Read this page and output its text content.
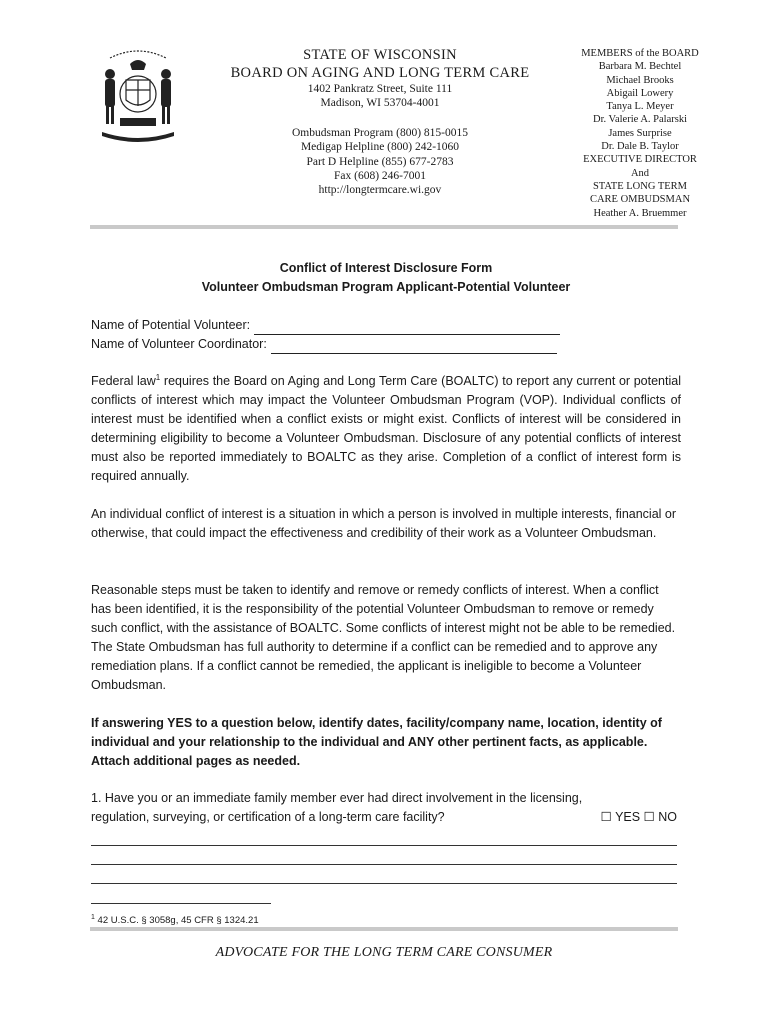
STATE OF WISCONSIN
BOARD ON AGING AND LONG TERM CARE
1402 Pankratz Street, Suite 111
Madison, WI 53704-4001
Ombudsman Program (800) 815-0015
Medigap Helpline (800) 242-1060
Part D Helpline (855) 677-2783
Fax (608) 246-7001
http://longtermcare.wi.gov
MEMBERS of the BOARD
Barbara M. Bechtel
Michael Brooks
Abigail Lowery
Tanya L. Meyer
Dr. Valerie A. Palarski
James Surprise
Dr. Dale B. Taylor
EXECUTIVE DIRECTOR
And
STATE LONG TERM
CARE OMBUDSMAN
Heather A. Bruemmer
Conflict of Interest Disclosure Form
Volunteer Ombudsman Program Applicant-Potential Volunteer
Name of Potential Volunteer:
Name of Volunteer Coordinator:
Federal law$^1$ requires the Board on Aging and Long Term Care (BOALTC) to report any current or potential conflicts of interest which may impact the Volunteer Ombudsman Program (VOP). Individual conflicts of interest must be identified when a conflict exists or might exist. Conflicts of interest will be considered in determining eligibility to become a Volunteer Ombudsman. Disclosure of any potential conflicts of interest must also be reported immediately to BOALTC as they arise. Completion of a conflict of interest form is required annually.
An individual conflict of interest is a situation in which a person is involved in multiple interests, financial or otherwise, that could impact the effectiveness and credibility of their work as a Volunteer Ombudsman.
Reasonable steps must be taken to identify and remove or remedy conflicts of interest. When a conflict has been identified, it is the responsibility of the potential Volunteer Ombudsman to remove or remedy such conflict, with the assistance of BOALTC. Some conflicts of interest might not be able to be remedied. The State Ombudsman has full authority to determine if a conflict can be remedied and to approve any remediation plans. If a conflict cannot be remedied, the applicant is ineligible to become a Volunteer Ombudsman.
If answering YES to a question below, identify dates, facility/company name, location, identity of individual and your relationship to the individual and ANY other pertinent facts, as applicable. Attach additional pages as needed.
1. Have you or an immediate family member ever had direct involvement in the licensing,
regulation, surveying, or certification of a long-term care facility?	☐ YES ☐ NO
$^1$ 42 U.S.C. § 3058g, 45 CFR § 1324.21
ADVOCATE FOR THE LONG TERM CARE CONSUMER
